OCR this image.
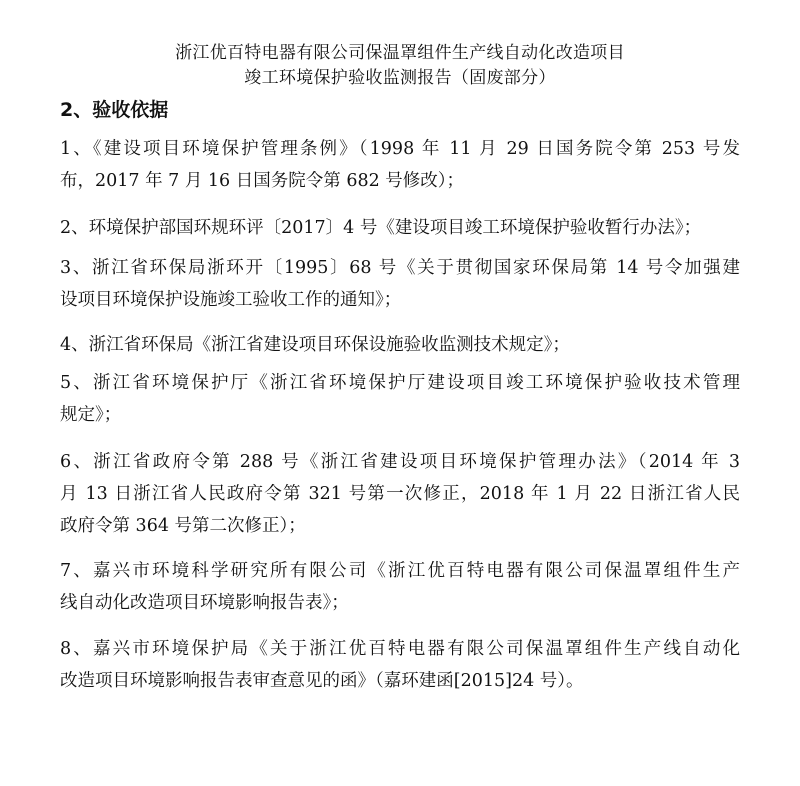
浙江优百特电器有限公司保温罩组件生产线自动化改造项目
竣工环境保护验收监测报告（固废部分）
2、验收依据
1、《建设项目环境保护管理条例》（1998 年 11 月 29 日国务院令第 253 号发
布，2017 年 7 月 16 日国务院令第 682 号修改）；
2、环境保护部国环规环评〔2017〕4 号《建设项目竣工环境保护验收暂行办法》；
3、浙江省环保局浙环开〔1995〕68 号《关于贯彻国家环保局第 14 号令加强建
设项目环境保护设施竣工验收工作的通知》；
4、浙江省环保局《浙江省建设项目环保设施验收监测技术规定》；
5、浙江省环境保护厅《浙江省环境保护厅建设项目竣工环境保护验收技术管理
规定》；
6、浙江省政府令第 288 号《浙江省建设项目环境保护管理办法》（2014 年 3
月 13 日浙江省人民政府令第 321 号第一次修正，2018 年 1 月 22 日浙江省人民
政府令第 364 号第二次修正）；
7、嘉兴市环境科学研究所有限公司《浙江优百特电器有限公司保温罩组件生产
线自动化改造项目环境影响报告表》；
8、嘉兴市环境保护局《关于浙江优百特电器有限公司保温罩组件生产线自动化
改造项目环境影响报告表审查意见的函》（嘉环建函[2015]24 号）。
